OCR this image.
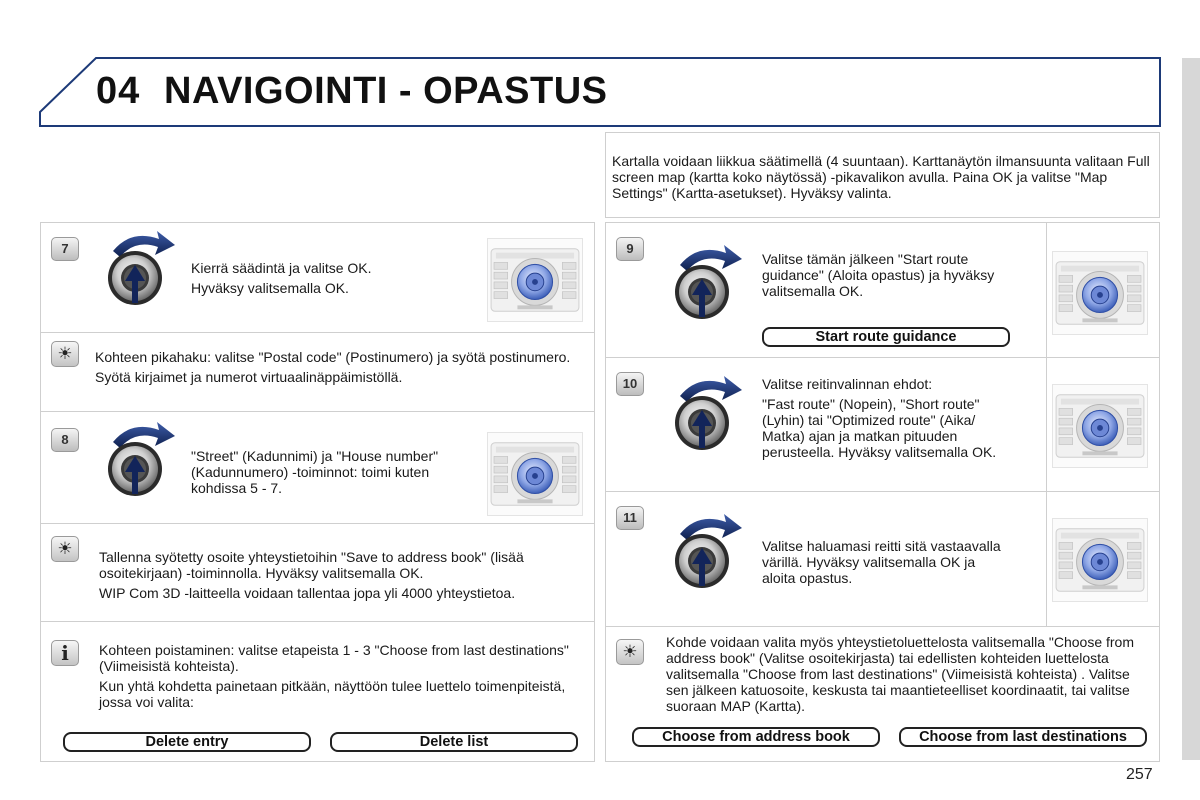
04 NAVIGOINTI - OPASTUS
Kartalla voidaan liikkua säätimellä (4 suuntaan). Karttanäytön ilmansuunta valitaan Full screen map (kartta koko näytössä) -pikavalikon avulla. Paina OK ja valitse "Map Settings" (Kartta-asetukset). Hyväksy valinta.
7

Kierrä säädintä ja valitse OK.

Hyväksy valitsemalla OK.

☀	Kohteen pikahaku: valitse "Postal code" (Postinumero) ja syötä postinumero.

Syötä kirjaimet ja numerot virtuaalinäppäimistöllä.

8
"Street" (Kadunnimi) ja "House number" (Kadunnumero) -toiminnot: toimi kuten kohdissa 5 - 7.
☀	Tallenna syötetty osoite yhteystietoihin "Save to address book" (lisää osoitekirjaan) -toiminnolla. Hyväksy valitsemalla OK.

WIP Com 3D -laitteella voidaan tallentaa jopa yli 4000 yhteystietoa.

i	Kohteen poistaminen: valitse etapeista 1 - 3 "Choose from last destinations" (Viimeisistä kohteista).

Kun yhtä kohdetta painetaan pitkään, näyttöön tulee luettelo toimenpiteistä, jossa voi valita:

Delete entry	Delete list
9
Valitse tämän jälkeen "Start route guidance" (Aloita opastus) ja hyväksy valitsemalla OK.
Start route guidance
10	Valitse reitinvalinnan ehdot:

"Fast route" (Nopein), "Short route" (Lyhin) tai "Optimized route" (Aika/ Matka) ajan ja matkan pituuden perusteella. Hyväksy valitsemalla OK.

11
Valitse haluamasi reitti sitä vastaavalla värillä. Hyväksy valitsemalla OK ja aloita opastus.
☀	Kohde voidaan valita myös yhteystietoluettelosta valitsemalla "Choose from address book" (Valitse osoitekirjasta) tai edellisten kohteiden luettelosta valitsemalla "Choose from last destinations" (Viimeisistä kohteista) . Valitse sen jälkeen katuosoite, keskusta tai maantieteelliset koordinaatit, tai valitse suoraan MAP (Kartta).
Choose from address book	Choose from last destinations
257
